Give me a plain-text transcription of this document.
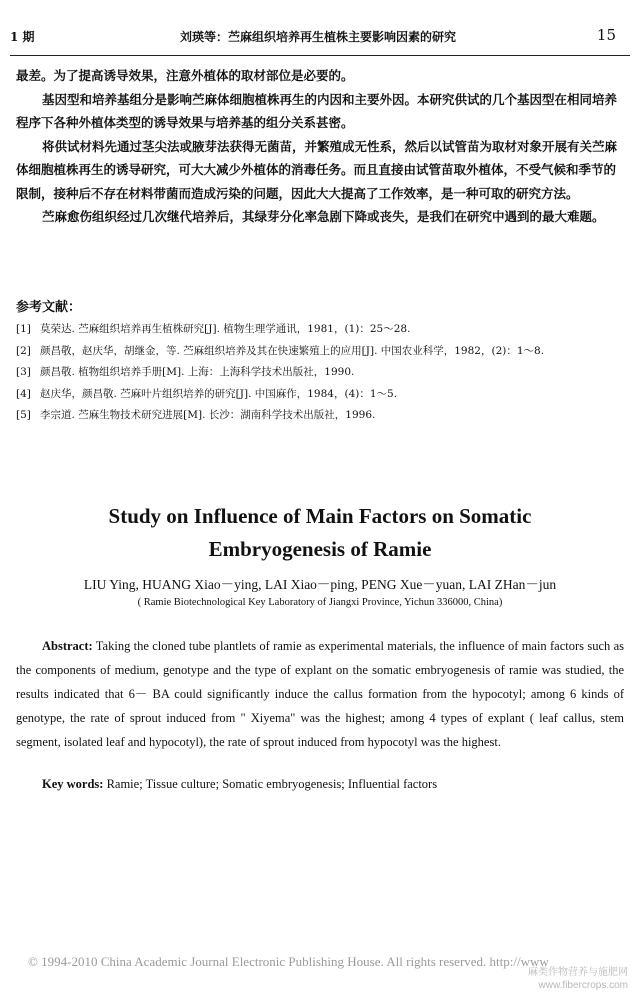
1 期	刘瑛等：苎麻组织培养再生植株主要影响因素的研究	15

最差。为了提高诱导效果，注意外植体的取材部位是必要的。

基因型和培养基组分是影响苎麻体细胞植株再生的内因和主要外因。本研究供试的几个基因型在相同培养程序下各种外植体类型的诱导效果与培养基的组分关系甚密。

将供试材料先通过茎尖法或腋芽法获得无菌苗，并繁殖成无性系，然后以试管苗为取材对象开展有关苎麻体细胞植株再生的诱导研究，可大大减少外植体的消毒任务。而且直接由试管苗取外植体，不受气候和季节的限制，接种后不存在材料带菌而造成污染的问题，因此大大提高了工作效率，是一种可取的研究方法。

苎麻愈伤组织经过几次继代培养后，其绿芽分化率急剧下降或丧失，是我们在研究中遇到的最大难题。

参考文献：
[1] 莫荣达. 苎麻组织培养再生植株研究[J]. 植物生理学通讯，1981，(1)：25～28.
[2] 颜昌敬，赵庆华，胡继金，等. 苎麻组织培养及其在快速繁殖上的应用[J]. 中国农业科学，1982，(2)：1～8.
[3] 颜昌敬. 植物组织培养手册[M]. 上海：上海科学技术出版社，1990.
[4] 赵庆华，颜昌敬. 苎麻叶片组织培养的研究[J]. 中国麻作，1984，(4)：1～5.
[5] 李宗道. 苎麻生物技术研究进展[M]. 长沙：湖南科学技术出版社，1996.
Study on Influence of Main Factors on Somatic
Embryogenesis of Ramie
LIU Ying, HUANG Xiao－ying, LAI Xiao－ping, PENG Xue－yuan, LAI ZHan－jun
( Ramie Biotechnological Key Laboratory of Jiangxi Province, Yichun 336000, China)
Abstract: Taking the cloned tube plantlets of ramie as experimental materials, the influence of main factors such as the components of medium, genotype and the type of explant on the somatic embryogenesis of ramie was studied, the results indicated that 6－ BA could significantly induce the callus formation from the hypocotyl; among 6 kinds of genotype, the rate of sprout induced from " Xiyema" was the highest; among 4 types of explant ( leaf callus, stem segment, isolated leaf and hypocotyl), the rate of sprout induced from hypocotyl was the highest.
Key words: Ramie; Tissue culture; Somatic embryogenesis; Influential factors
© 1994-2010 China Academic Journal Electronic Publishing House. All rights reserved. http://www
麻类作物营养与施肥网
www.fibercrops.com
